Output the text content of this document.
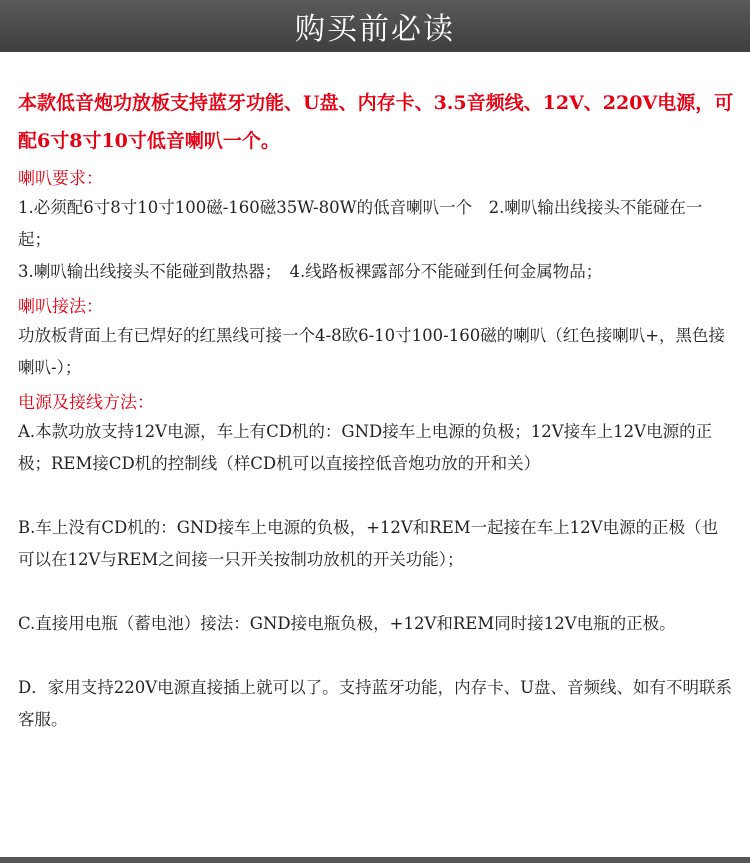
购买前必读

本款低音炮功放板支持蓝牙功能、U盘、内存卡、3.5音频线、12V、220V电源，可配6寸8寸10寸低音喇叭一个。

喇叭要求：

1.必须配6寸8寸10寸100磁-160磁35W-80W的低音喇叭一个　2.喇叭输出线接头不能碰在一起；

3.喇叭输出线接头不能碰到散热器；　4.线路板裸露部分不能碰到任何金属物品；

喇叭接法：

功放板背面上有已焊好的红黑线可接一个4-8欧6-10寸100-160磁的喇叭（红色接喇叭+，黑色接喇叭-）；

电源及接线方法：

A.本款功放支持12V电源，车上有CD机的：GND接车上电源的负极；12V接车上12V电源的正极；REM接CD机的控制线（样CD机可以直接控低音炮功放的开和关）

B.车上没有CD机的：GND接车上电源的负极，+12V和REM一起接在车上12V电源的正极（也可以在12V与REM之间接一只开关按制功放机的开关功能）；

C.直接用电瓶（蓄电池）接法：GND接电瓶负极，+12V和REM同时接12V电瓶的正极。

D．家用支持220V电源直接插上就可以了。支持蓝牙功能，内存卡、U盘、音频线、如有不明联系客服。
